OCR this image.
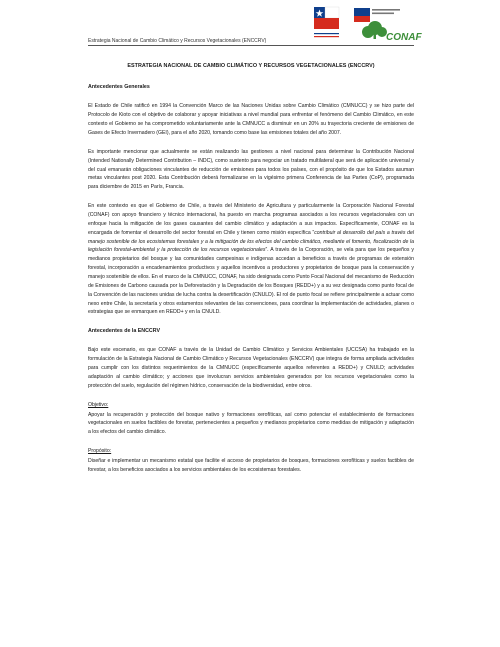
CONAF
Estrategia Nacional de Cambio Climático y Recursos Vegetacionales (ENCCRV)
ESTRATEGIA NACIONAL DE CAMBIO CLIMÁTICO Y RECURSOS VEGETACIONALES (ENCCRV)
Antecedentes Generales

El Estado de Chile ratificó en 1994 la Convención Marco de las Naciones Unidas sobre Cambio Climático (CMNUCC) y se hizo parte del Protocolo de Kioto con el objetivo de colaborar y apoyar iniciativas a nivel mundial para enfrentar el fenómeno del Cambio Climático, en este contexto el Gobierno se ha comprometido voluntariamente ante la CMNUCC a disminuir en un 20% su trayectoria creciente de emisiones de Gases de Efecto Invernadero (GEI), para el año 2020, tomando como base las emisiones totales del año 2007.

Es importante mencionar que actualmente se están realizando las gestiones a nivel nacional para determinar la Contribución Nacional (Intended Nationally Determined Contribution – INDC), como sustento para negociar un tratado multilateral que será de aplicación universal y del cual emanarán obligaciones vinculantes de reducción de emisiones para todos los países, con el propósito de que los Estados asuman metas vinculantes post 2020. Esta Contribución deberá formalizarse en la vigésimo primera Conferencia de las Partes (CoP), programada para diciembre de 2015 en París, Francia.

En este contexto es que el Gobierno de Chile, a través del Ministerio de Agricultura y particularmente la Corporación Nacional Forestal (CONAF) con apoyo financiero y técnico internacional, ha puesto en marcha programas asociados a los recursos vegetacionales con un enfoque hacia la mitigación de los gases causantes del cambio climático y adaptación a sus impactos. Específicamente, CONAF es la encargada de fomentar el desarrollo del sector forestal en Chile y tienen como misión específica “contribuir al desarrollo del país a través del manejo sostenible de los ecosistemas forestales y a la mitigación de los efectos del cambio climático, mediante el fomento, fiscalización de la legislación forestal-ambiental y la protección de los recursos vegetacionales”. A través de la Corporación, se vela para que los pequeños y medianos propietarios del bosque y las comunidades campesinas e indígenas accedan a beneficios a través de programas de extensión forestal, incorporación a encadenamientos productivos y aquellos incentivos a productores y propietarios de bosque para la conservación y manejo sostenible de ellos. En el marco de la CMNUCC, CONAF, ha sido designada como Punto Focal Nacional del mecanismo de Reducción de Emisiones de Carbono causada por la Deforestación y la Degradación de los Bosques (REDD+) y a su vez designada como punto focal de la Convención de las naciones unidas de lucha contra la desertificación (CNULD). El rol de punto focal se refiere principalmente a actuar como nexo entre Chile, la secretaría y otros estamentos relevantes de las convenciones, para coordinar la implementación de actividades, planes o estrategias que se enmarquen en REDD+ y en la CNULD.

Antecedentes de la ENCCRV

Bajo este escenario, es que CONAF a través de la Unidad de Cambio Climático y Servicios Ambientales (UCCSA) ha trabajado en la formulación de la Estrategia Nacional de Cambio Climático y Recursos Vegetacionales (ENCCRV) que integra de forma ampliada actividades para cumplir con los distintos requerimientos de la CMNUCC (específicamente aquellos referentes a REDD+) y CNULD; actividades adaptación al cambio climático; y acciones que involucran servicios ambientales generados por los recursos vegetacionales como la protección del suelo, regulación del régimen hídrico, conservación de la biodiversidad, entre otros.

Objetivo:

Apoyar la recuperación y protección del bosque nativo y formaciones xerofíticas, así como potenciar el establecimiento de formaciones vegetacionales en suelos factibles de forestar, pertenecientes a pequeños y medianos propietarios como medidas de mitigación y adaptación a los efectos del cambio climático.

Propósito:

Diseñar e implementar un mecanismo estatal que facilite el acceso de propietarios de bosques, formaciones xerofíticas y suelos factibles de forestar, a los beneficios asociados a los servicios ambientales de los ecosistemas forestales.
